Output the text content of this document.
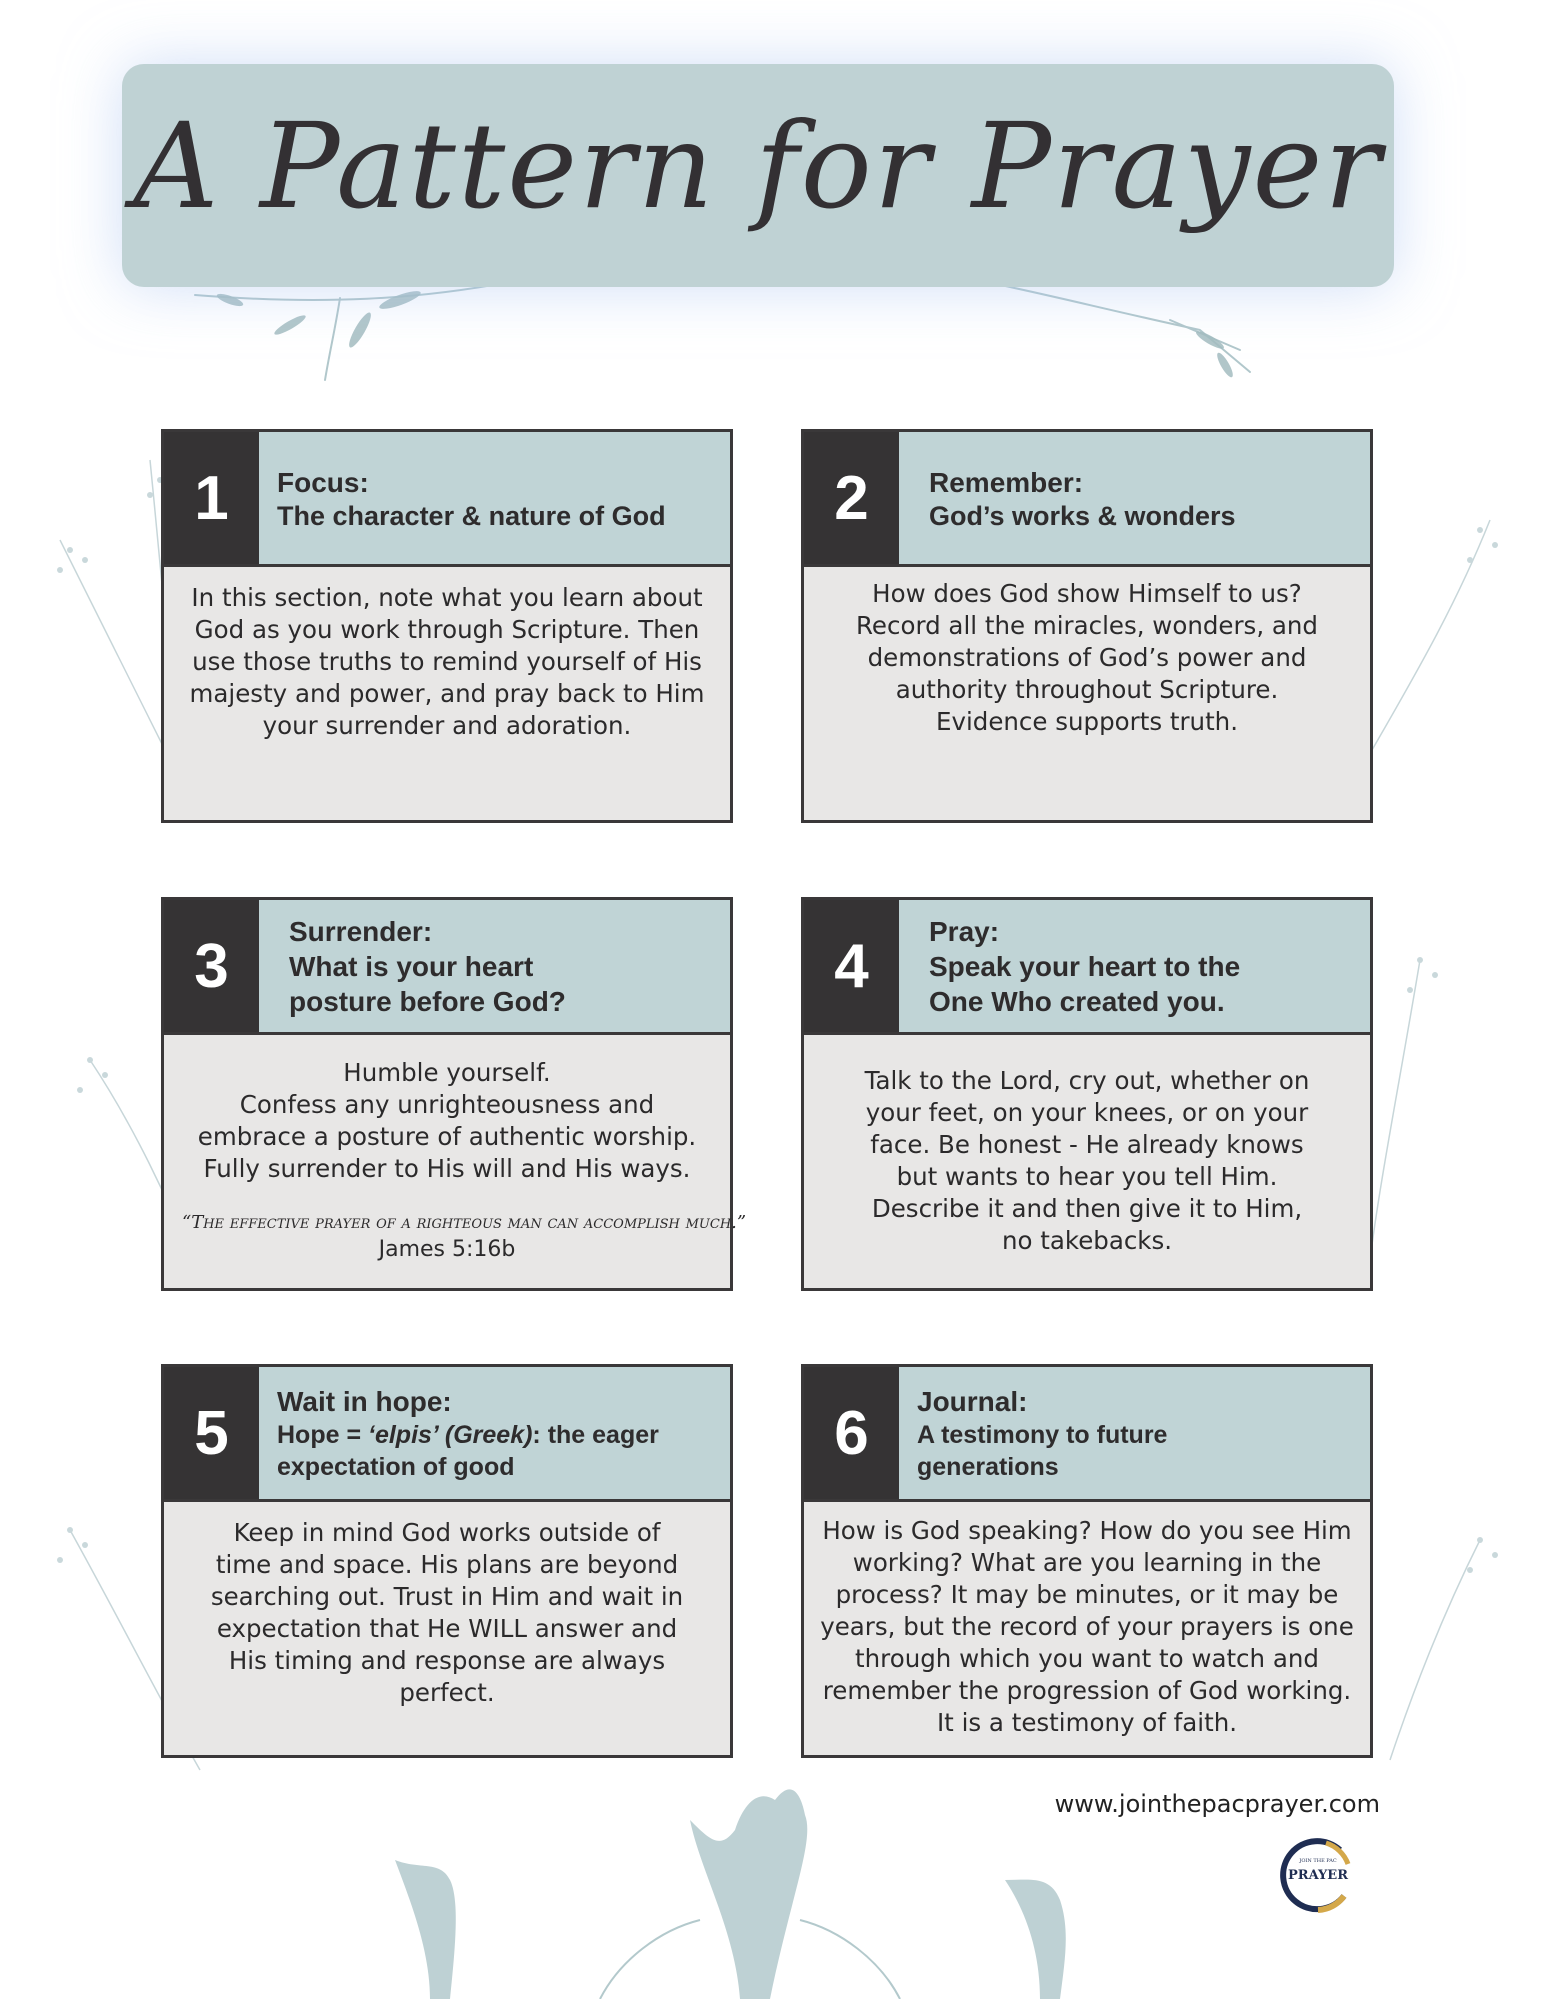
A Pattern for Prayer
1	Focus:
The character & nature of God
In this section, note what you learn about
God as you work through Scripture. Then
use those truths to remind yourself of His
majesty and power, and pray back to Him
your surrender and adoration.
2	Remember:
God’s works & wonders
How does God show Himself to us?
Record all the miracles, wonders, and
demonstrations of God’s power and
authority throughout Scripture.
Evidence supports truth.
3
Surrender:
What is your heart
posture before God?
Humble yourself.
Confess any unrighteousness and
embrace a posture of authentic worship.
Fully surrender to His will and His ways.
“The effective prayer of a righteous man can accomplish much.”
James 5:16b
4
Pray:
Speak your heart to the
One Who created you.
Talk to the Lord, cry out, whether on
your feet, on your knees, or on your
face. Be honest - He already knows
but wants to hear you tell Him.
Describe it and then give it to Him,
no takebacks.
5	Wait in hope:
Hope = ‘elpis’ (Greek): the eager
expectation of good
Keep in mind God works outside of
time and space. His plans are beyond
searching out. Trust in Him and wait in
expectation that He WILL answer and
His timing and response are always
perfect.
6	Journal:
A testimony to future
generations
How is God speaking? How do you see Him
working? What are you learning in the
process? It may be minutes, or it may be
years, but the record of your prayers is one
through which you want to watch and
remember the progression of God working.
It is a testimony of faith.
www.jointhepacprayer.com
JOIN THE PAC
PRAYER
